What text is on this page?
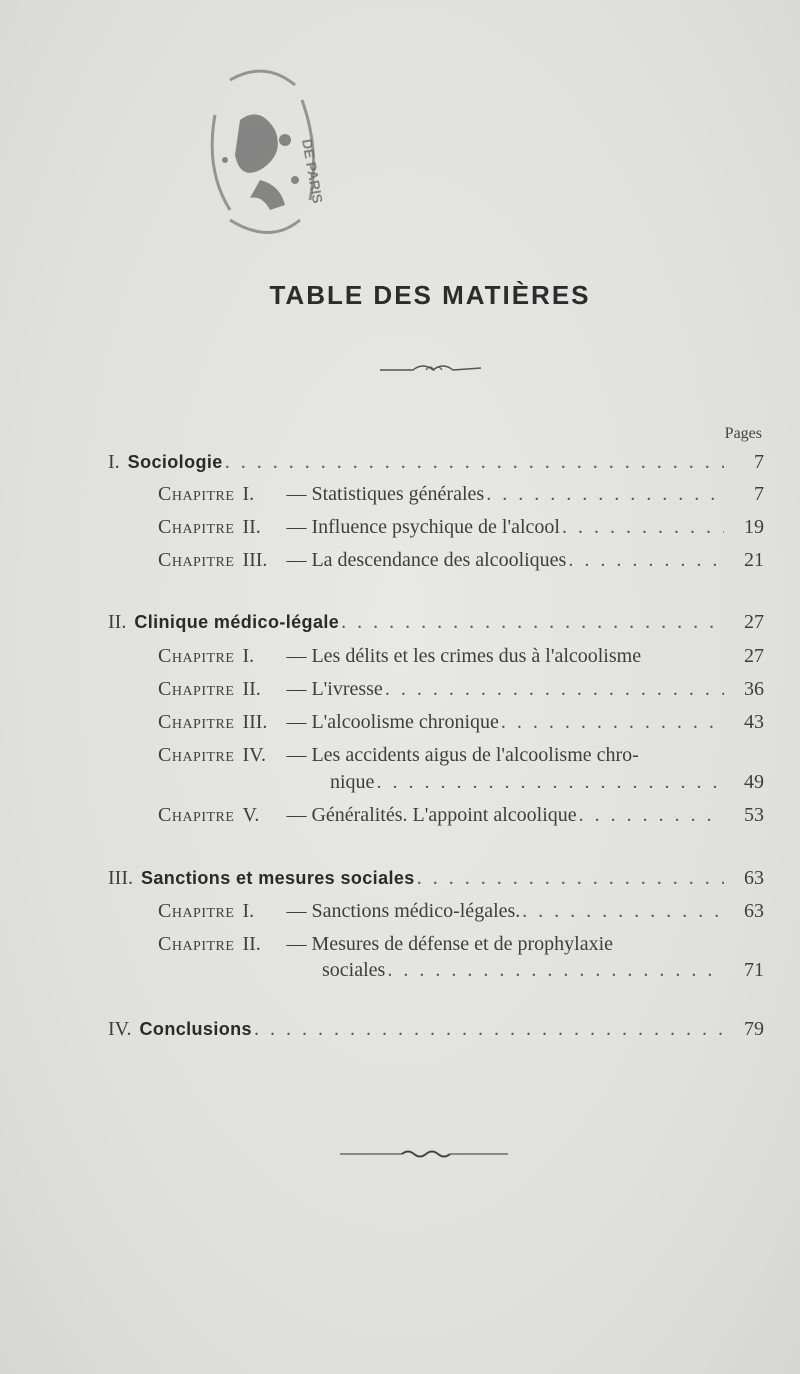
DE PARIS
TABLE DES MATIÈRES
Pages
I. Sociologie . . .	7
Chapitre I.	— Statistiques générales . . .	7
Chapitre II.	— Influence psychique de l'alcool . . .	19
Chapitre III. — La descendance des alcooliques . . .	21
II. Clinique médico-légale . . .	27
Chapitre I.	— Les délits et les crimes dus à l'alcoolisme	27
Chapitre II.	— L'ivresse . . .	36
Chapitre III. — L'alcoolisme chronique . . .	43
Chapitre IV.	— Les accidents aigus de l'alcoolisme chro-
nique . . .	49
Chapitre V.	— Généralités. L'appoint alcoolique . . .	53
III. Sanctions et mesures sociales . . .	63
Chapitre I.	— Sanctions médico-légales. . . .	63
Chapitre II.	— Mesures de défense et de prophylaxie
sociales . . .	71
IV. Conclusions . . .	79
